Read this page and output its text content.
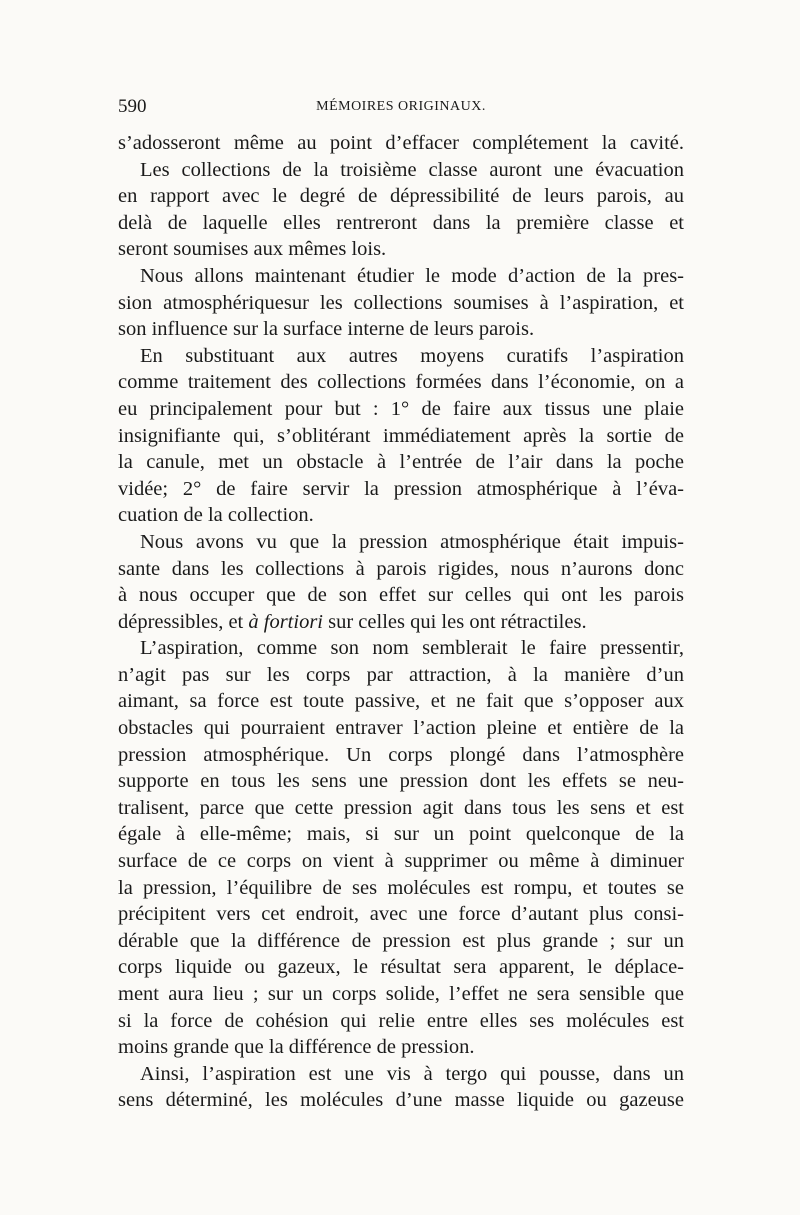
590	MÉMOIRES ORIGINAUX.
s’adosseront même au point d’effacer complétement la cavité.
Les collections de la troisième classe auront une évacuation
en rapport avec le degré de dépressibilité de leurs parois, au
delà de laquelle elles rentreront dans la première classe et
seront soumises aux mêmes lois.
Nous allons maintenant étudier le mode d’action de la pres-
sion atmosphériquesur les collections soumises à l’aspiration, et
son influence sur la surface interne de leurs parois.
En substituant aux autres moyens curatifs l’aspiration
comme traitement des collections formées dans l’économie, on a
eu principalement pour but : 1° de faire aux tissus une plaie
insignifiante qui, s’oblitérant immédiatement après la sortie de
la canule, met un obstacle à l’entrée de l’air dans la poche
vidée; 2° de faire servir la pression atmosphérique à l’éva-
cuation de la collection.
Nous avons vu que la pression atmosphérique était impuis-
sante dans les collections à parois rigides, nous n’aurons donc
à nous occuper que de son effet sur celles qui ont les parois
dépressibles, et à fortiori sur celles qui les ont rétractiles.
L’aspiration, comme son nom semblerait le faire pressentir,
n’agit pas sur les corps par attraction, à la manière d’un
aimant, sa force est toute passive, et ne fait que s’opposer aux
obstacles qui pourraient entraver l’action pleine et entière de la
pression atmosphérique. Un corps plongé dans l’atmosphère
supporte en tous les sens une pression dont les effets se neu-
tralisent, parce que cette pression agit dans tous les sens et est
égale à elle-même; mais, si sur un point quelconque de la
surface de ce corps on vient à supprimer ou même à diminuer
la pression, l’équilibre de ses molécules est rompu, et toutes se
précipitent vers cet endroit, avec une force d’autant plus consi-
dérable que la différence de pression est plus grande ; sur un
corps liquide ou gazeux, le résultat sera apparent, le déplace-
ment aura lieu ; sur un corps solide, l’effet ne sera sensible que
si la force de cohésion qui relie entre elles ses molécules est
moins grande que la différence de pression.
Ainsi, l’aspiration est une vis à tergo qui pousse, dans un
sens déterminé, les molécules d’une masse liquide ou gazeuse
